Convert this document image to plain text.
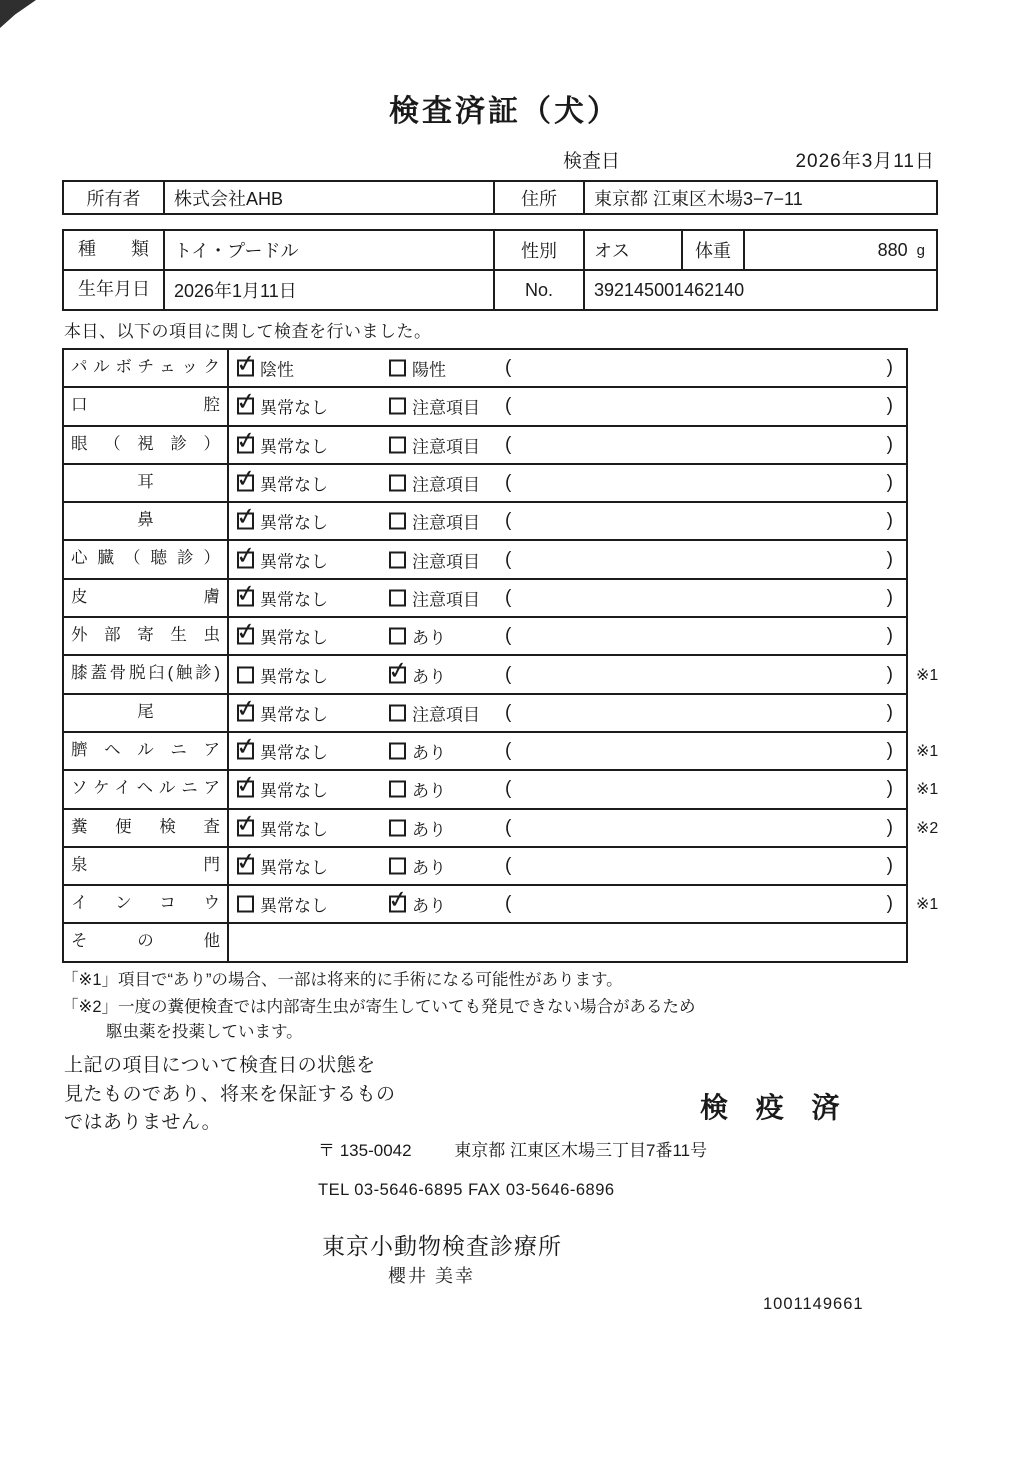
検査済証（犬）
検査日	2026年3月11日
所有者	株式会社AHB	住所	東京都 江東区木場3−7−11
種類	トイ・プードル	性別	オス	体重	880 g
生年月日	2026年1月11日	No.	392145001462140
本日、以下の項目に関して検査を行いました。
パルボチェック ✓	陰性	陽性	(	)
口腔 ✓	異常なし	注意項目 (	)
眼（視診） ✓	異常なし	注意項目 (	)
耳 ✓	異常なし	注意項目 (	)
鼻 ✓	異常なし	注意項目 (	)
心臓（聴診） ✓	異常なし	注意項目 (	)
皮膚 ✓	異常なし	注意項目 (	)
外部寄生虫 ✓	異常なし	あり	(	)
膝蓋骨脱臼(触診)	異常なし ✓	あり	(	) ※1
尾 ✓	異常なし	注意項目 (	)
臍ヘルニア ✓	異常なし	あり	(	) ※1
ソケイヘルニア ✓	異常なし	あり	(	) ※1
糞便検査 ✓	異常なし	あり	(	) ※2
泉門 ✓	異常なし	あり	(	)
インコウ	異常なし ✓	あり	(	) ※1
その他
「※1」項目で“あり”の場合、一部は将来的に手術になる可能性があります。
「※2」一度の糞便検査では内部寄生虫が寄生していても発見できない場合があるため
駆虫薬を投薬しています。
上記の項目について検査日の状態を
見たものであり、将来を保証するもの
ではありません。	検 疫 済
〒 135-0042	東京都 江東区木場三丁目7番11号
TEL 03-5646-6895 FAX 03-5646-6896
東京小動物検査診療所
櫻井 美幸
1001149661
